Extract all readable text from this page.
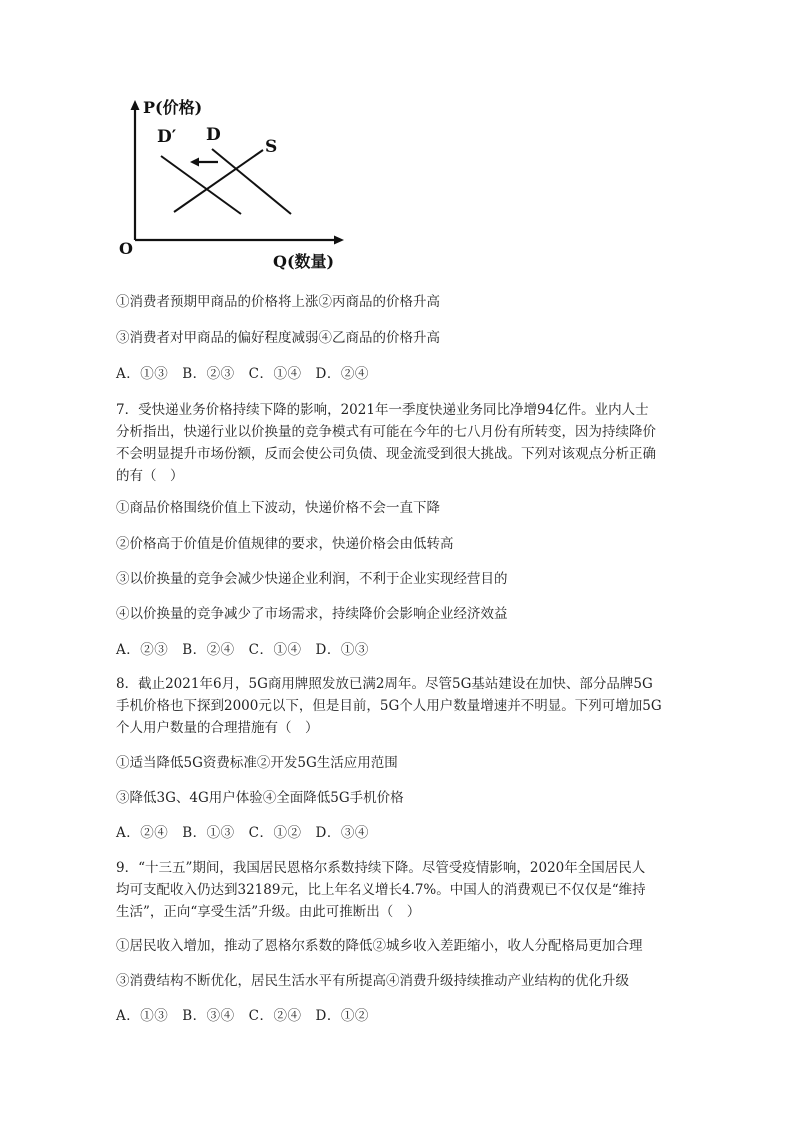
P(价格)
Q(数量)
O
D′ D
S

①消费者预期甲商品的价格将上涨②丙商品的价格升高

③消费者对甲商品的偏好程度减弱④乙商品的价格升高

A．①③　B．②③　C．①④　D．②④

7．受快递业务价格持续下降的影响，2021年一季度快递业务同比净增94亿件。业内人士
分析指出，快递行业以价换量的竞争模式有可能在今年的七八月份有所转变，因为持续降价
不会明显提升市场份额，反而会使公司负债、现金流受到很大挑战。下列对该观点分析正确
的有（　）

①商品价格围绕价值上下波动，快递价格不会一直下降

②价格高于价值是价值规律的要求，快递价格会由低转高

③以价换量的竞争会减少快递企业利润，不利于企业实现经营目的

④以价换量的竞争减少了市场需求，持续降价会影响企业经济效益

A．②③　B．②④　C．①④　D．①③

8．截止2021年6月，5G商用牌照发放已满2周年。尽管5G基站建设在加快、部分品牌5G
手机价格也下探到2000元以下，但是目前，5G个人用户数量增速并不明显。下列可增加5G
个人用户数量的合理措施有（　）

①适当降低5G资费标准②开发5G生活应用范围

③降低3G、4G用户体验④全面降低5G手机价格

A．②④　B．①③　C．①②　D．③④

9．“十三五”期间，我国居民恩格尔系数持续下降。尽管受疫情影响，2020年全国居民人
均可支配收入仍达到32189元，比上年名义增长4.7%。中国人的消费观已不仅仅是“维持
生活”，正向“享受生活”升级。由此可推断出（　）

①居民收入增加，推动了恩格尔系数的降低②城乡收入差距缩小，收人分配格局更加合理

③消费结构不断优化，居民生活水平有所提高④消费升级持续推动产业结构的优化升级

A．①③　B．③④　C．②④　D．①②
